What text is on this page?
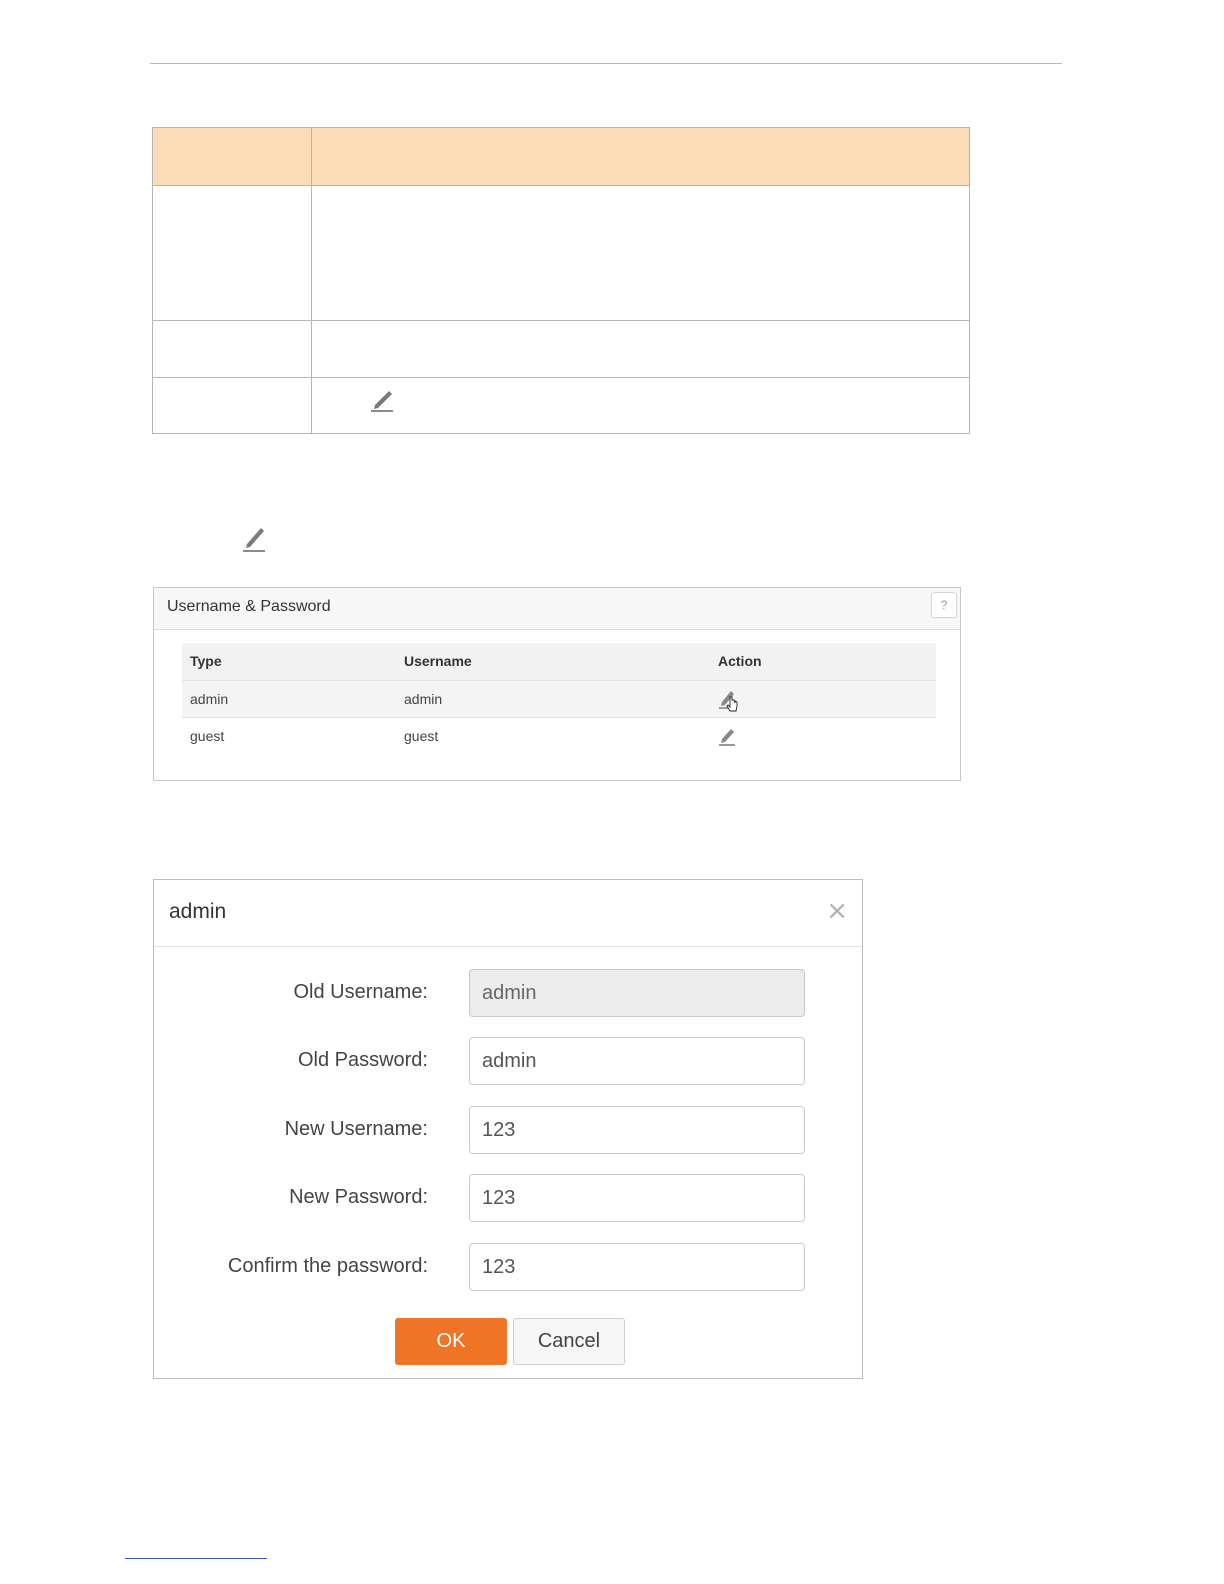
Username & Password	?
Type	Username	Action
admin	admin
guest	guest
admin	×
Old Username:
admin
Old Password:
admin
New Username:
123
New Password:
123
Confirm the password:
123
OK	Cancel
